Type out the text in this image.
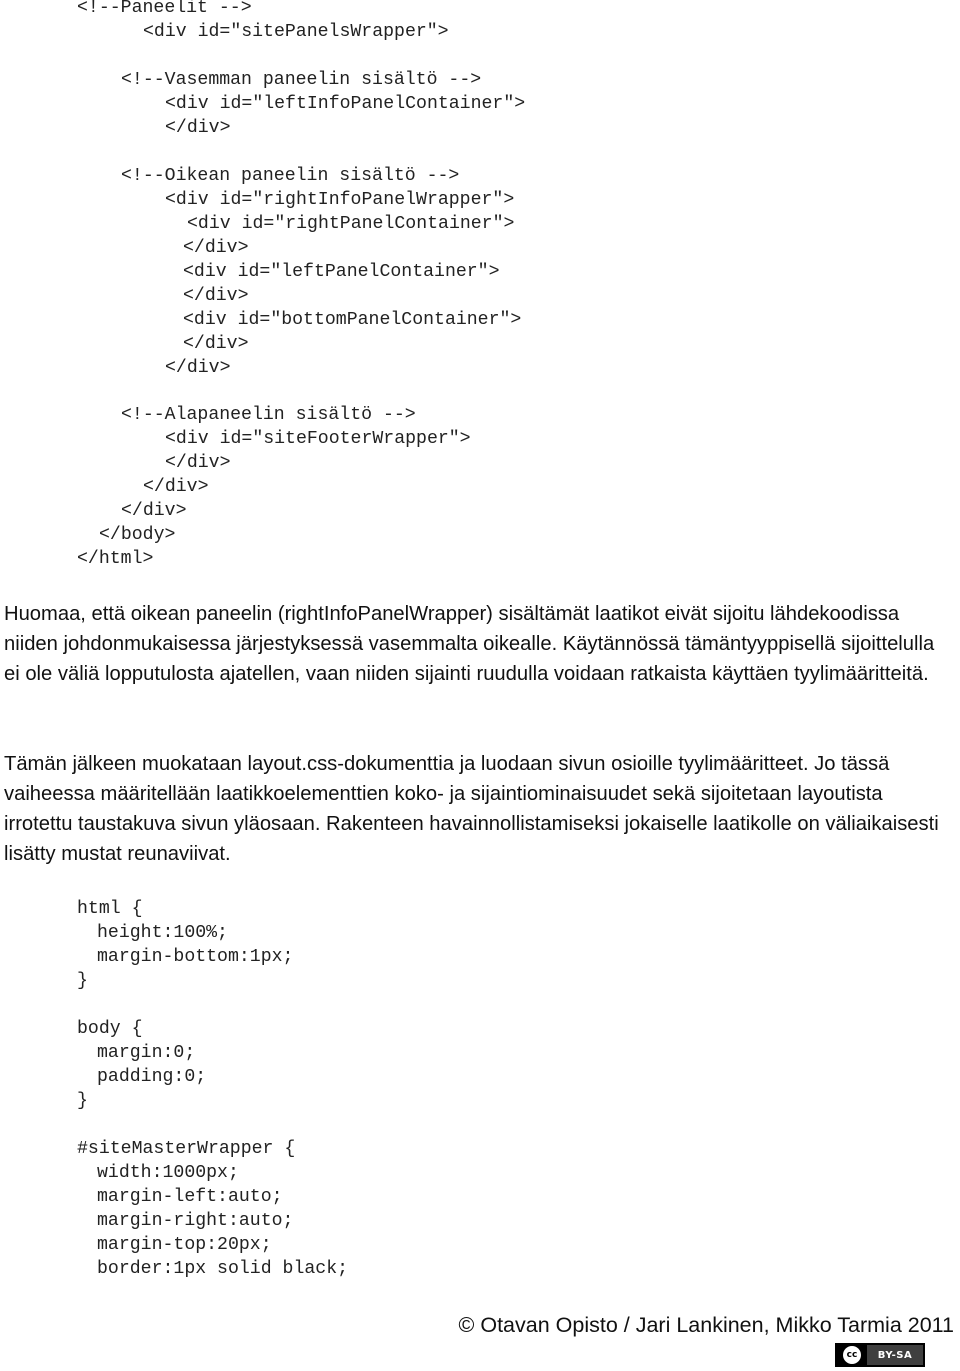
<!--Paneelit -->
<div id="sitePanelsWrapper">
<!--Vasemman paneelin sisältö -->
<div id="leftInfoPanelContainer">
</div>
<!--Oikean paneelin sisältö -->
<div id="rightInfoPanelWrapper">
<div id="rightPanelContainer">
</div>
<div id="leftPanelContainer">
</div>
<div id="bottomPanelContainer">
</div>
</div>
<!--Alapaneelin sisältö -->
<div id="siteFooterWrapper">
</div>
</div>
</div>
</body>
</html>

Huomaa, että oikean paneelin (rightInfoPanelWrapper) sisältämät laatikot eivät sijoitu lähdekoodissa niiden johdonmukaisessa järjestyksessä vasemmalta oikealle. Käytännössä tämäntyyppisellä sijoittelulla ei ole väliä lopputulosta ajatellen, vaan niiden sijainti ruudulla voidaan ratkaista käyttäen tyylimääritteitä.

Tämän jälkeen muokataan layout.css-dokumenttia ja luodaan sivun osioille tyylimääritteet. Jo tässä vaiheessa määritellään laatikkoelementtien koko- ja sijaintiominaisuudet sekä sijoitetaan layoutista irrotettu taustakuva sivun yläosaan. Rakenteen havainnollistamiseksi jokaiselle laatikolle on väliaikaisesti lisätty mustat reunaviivat.

html {
height:100%;
margin-bottom:1px;
}
body {
margin:0;
padding:0;
}
#siteMasterWrapper {
width:1000px;
margin-left:auto;
margin-right:auto;
margin-top:20px;
border:1px solid black;
© Otavan Opisto / Jari Lankinen, Mikko Tarmia 2011
cc	BY-SA
